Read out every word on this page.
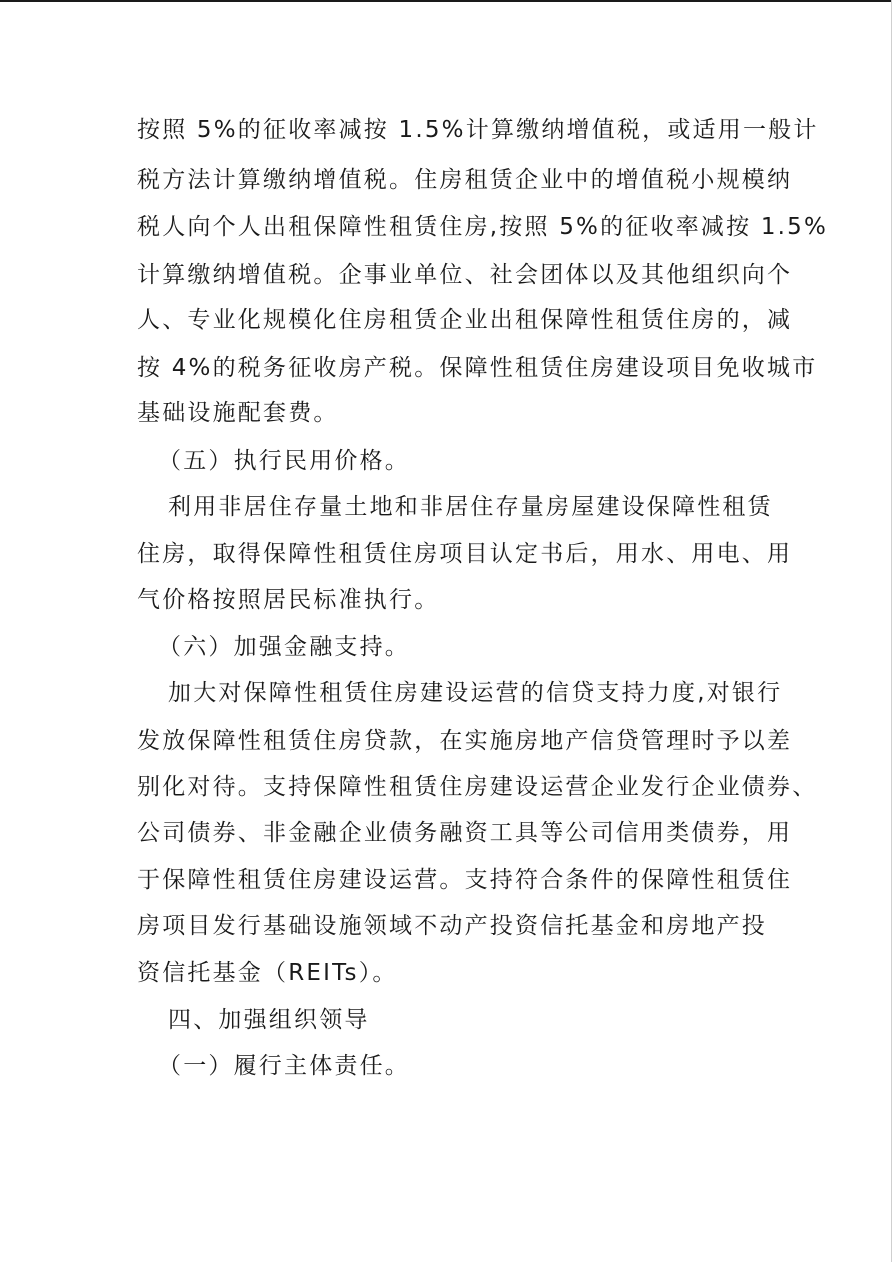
按照 5%的征收率减按 1.5%计算缴纳增值税，或适用一般计
税方法计算缴纳增值税。住房租赁企业中的增值税小规模纳
税人向个人出租保障性租赁住房,按照 5%的征收率减按 1.5%
计算缴纳增值税。企事业单位、社会团体以及其他组织向个
人、专业化规模化住房租赁企业出租保障性租赁住房的，减
按 4%的税务征收房产税。保障性租赁住房建设项目免收城市
基础设施配套费。
（五）执行民用价格。
利用非居住存量土地和非居住存量房屋建设保障性租赁
住房，取得保障性租赁住房项目认定书后，用水、用电、用
气价格按照居民标准执行。
（六）加强金融支持。
加大对保障性租赁住房建设运营的信贷支持力度,对银行
发放保障性租赁住房贷款，在实施房地产信贷管理时予以差
别化对待。支持保障性租赁住房建设运营企业发行企业债券、
公司债券、非金融企业债务融资工具等公司信用类债券，用
于保障性租赁住房建设运营。支持符合条件的保障性租赁住
房项目发行基础设施领域不动产投资信托基金和房地产投
资信托基金（REITs）。
四、加强组织领导
（一）履行主体责任。
